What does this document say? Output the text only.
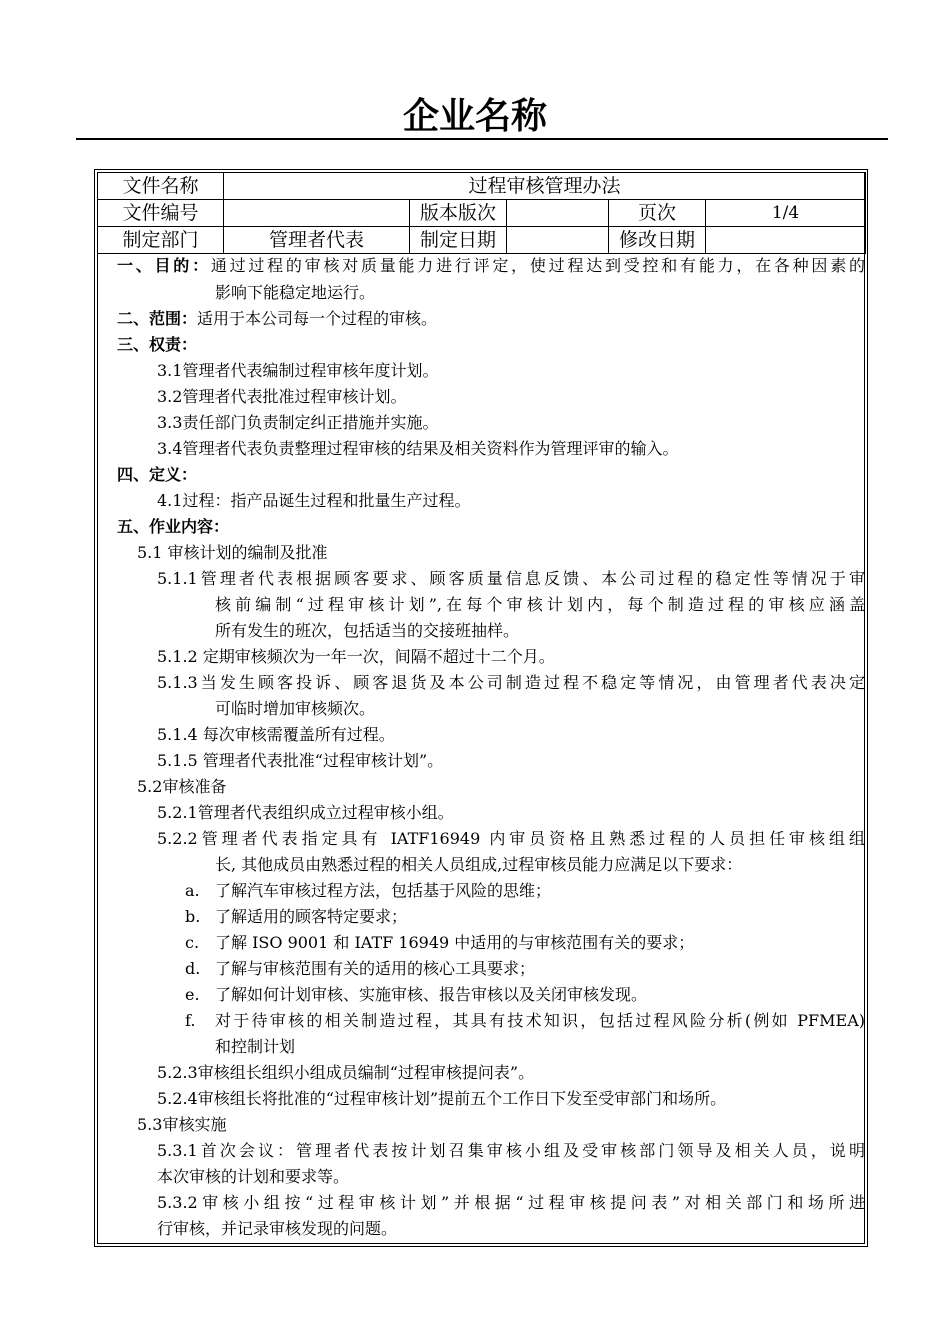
企业名称
文件名称	过程审核管理办法				
文件编号		版本版次		页次	1/4
制定部门	管理者代表	制定日期		修改日期	
一、目的：通过过程的审核对质量能力进行评定，使过程达到受控和有能力，在各种因素的
影响下能稳定地运行。
二、范围：适用于本公司每一个过程的审核。
三、权责：
3.1管理者代表编制过程审核年度计划。
3.2管理者代表批准过程审核计划。
3.3责任部门负责制定纠正措施并实施。
3.4管理者代表负责整理过程审核的结果及相关资料作为管理评审的输入。
四、定义：
4.1过程：指产品诞生过程和批量生产过程。
五、作业内容：
5.1 审核计划的编制及批准
5.1.1管理者代表根据顾客要求、顾客质量信息反馈、本公司过程的稳定性等情况于审
核前编制“过程审核计划”,在每个审核计划内，每个制造过程的审核应涵盖
所有发生的班次，包括适当的交接班抽样。
5.1.2 定期审核频次为一年一次，间隔不超过十二个月。
5.1.3当发生顾客投诉、顾客退货及本公司制造过程不稳定等情况，由管理者代表决定
可临时增加审核频次。
5.1.4 每次审核需覆盖所有过程。
5.1.5 管理者代表批准“过程审核计划”。
5.2审核准备
5.2.1管理者代表组织成立过程审核小组。
5.2.2管理者代表指定具有 IATF16949 内审员资格且熟悉过程的人员担任审核组组
长, 其他成员由熟悉过程的相关人员组成,过程审核员能力应满足以下要求：
a. 了解汽车审核过程方法，包括基于风险的思维；
b. 了解适用的顾客特定要求；
c. 了解 ISO 9001 和 IATF 16949 中适用的与审核范围有关的要求；
d. 了解与审核范围有关的适用的核心工具要求；
e. 了解如何计划审核、实施审核、报告审核以及关闭审核发现。
f. 对于待审核的相关制造过程，其具有技术知识，包括过程风险分析(例如 PFMEA)
和控制计划
5.2.3审核组长组织小组成员编制“过程审核提问表”。
5.2.4审核组长将批准的“过程审核计划”提前五个工作日下发至受审部门和场所。
5.3审核实施
5.3.1首次会议：管理者代表按计划召集审核小组及受审核部门领导及相关人员，说明
本次审核的计划和要求等。
5.3.2审核小组按“过程审核计划”并根据“过程审核提问表”对相关部门和场所进
行审核，并记录审核发现的问题。
